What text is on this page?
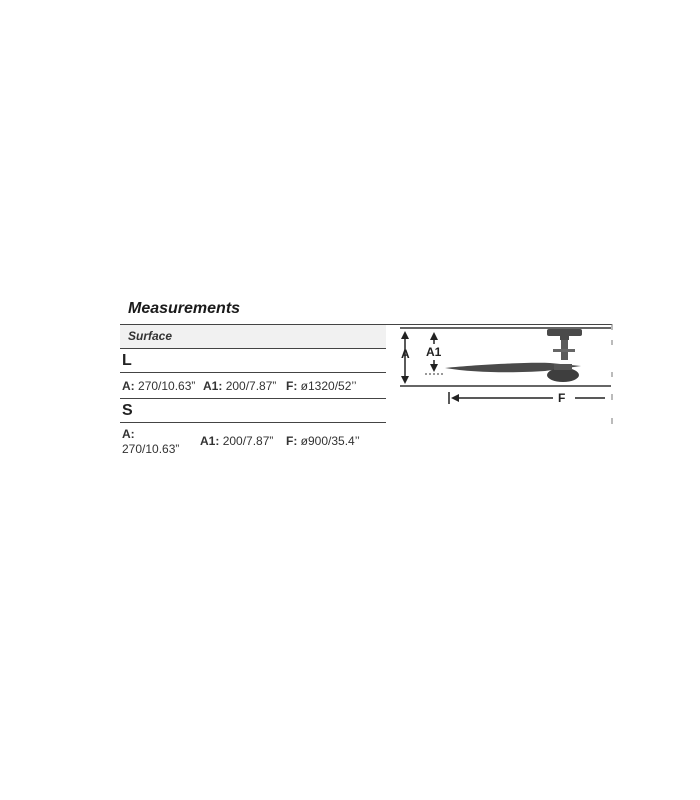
Measurements
Surface
L
A: 270/10.63” A1: 200/7.87” F: ø1320/52’’
S
A:
270/10.63”
A1: 200/7.87” F: ø900/35.4’’
A A1
F
